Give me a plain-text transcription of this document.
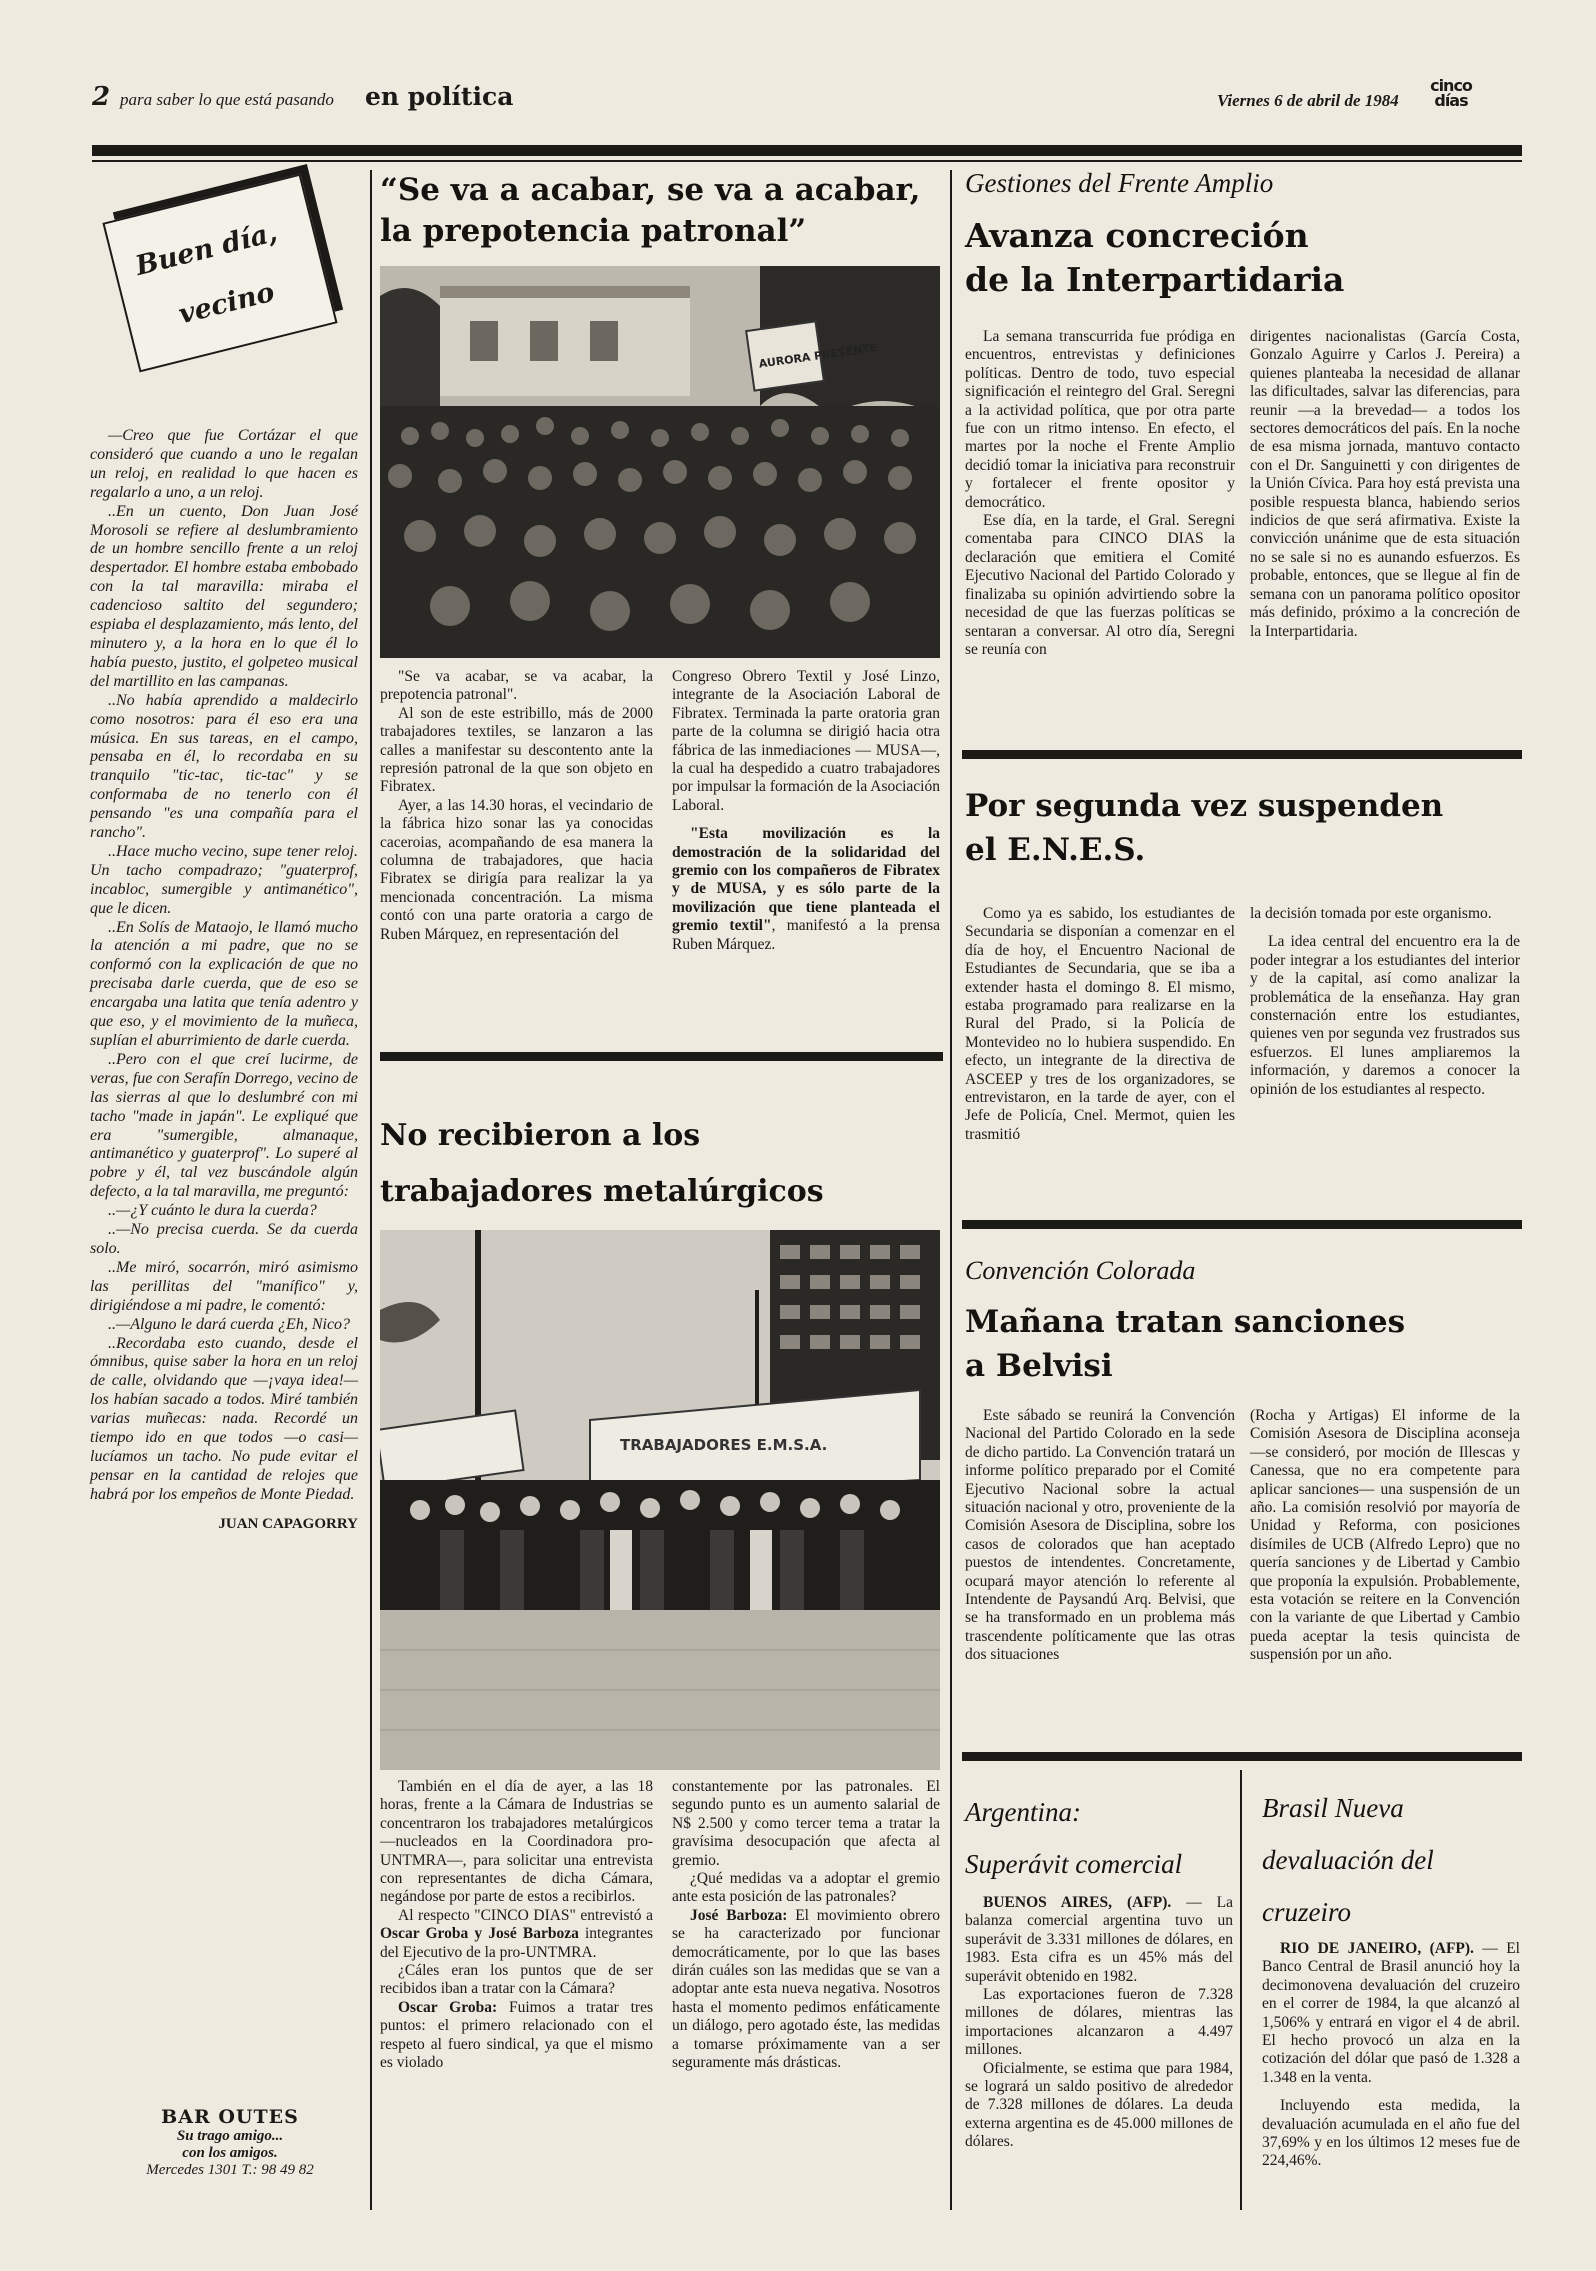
2 para saber lo que está pasando en política	Viernes 6 de abril de 1984
cinco días
Buen día,
vecino

—Creo que fue Cortázar el que consideró que cuando a uno le regalan un reloj, en realidad lo que hacen es regalarlo a uno, a un reloj.

..En un cuento, Don Juan José Morosoli se refiere al deslumbramiento de un hombre sencillo frente a un reloj despertador. El hombre estaba embobado con la tal maravilla: miraba el cadencioso saltito del segundero; espiaba el desplazamiento, más lento, del minutero y, a la hora en lo que él lo había puesto, justito, el golpeteo musical del martillito en las campanas.

..No había aprendido a maldecirlo como nosotros: para él eso era una música. En sus tareas, en el campo, pensaba en él, lo recordaba en su tranquilo "tic-tac, tic-tac" y se conformaba de no tenerlo con él pensando "es una compañía para el rancho".

..Hace mucho vecino, supe tener reloj. Un tacho compadrazo; "guaterprof, incabloc, sumergible y antimanético", que le dicen.

..En Solís de Mataojo, le llamó mucho la atención a mi padre, que no se conformó con la explicación de que no precisaba darle cuerda, que de eso se encargaba una latita que tenía adentro y que eso, y el movimiento de la muñeca, suplían el aburrimiento de darle cuerda.

..Pero con el que creí lucirme, de veras, fue con Serafín Dorrego, vecino de las sierras al que lo deslumbré con mi tacho "made in japán". Le expliqué que era "sumergible, almanaque, antimanético y guaterprof". Lo superé al pobre y él, tal vez buscándole algún defecto, a la tal maravilla, me preguntó:

..—¿Y cuánto le dura la cuerda?

..—No precisa cuerda. Se da cuerda solo.

..Me miró, socarrón, miró asimismo las perillitas del "manífico" y, dirigiéndose a mi padre, le comentó:

..—Alguno le dará cuerda ¿Eh, Nico?

..Recordaba esto cuando, desde el ómnibus, quise saber la hora en un reloj de calle, olvidando que —¡vaya idea!— los habían sacado a todos. Miré también varias muñecas: nada. Recordé un tiempo ido en que todos —o casi— lucíamos un tacho. No pude evitar el pensar en la cantidad de relojes que habrá por los empeños de Monte Piedad.

JUAN CAPAGORRY
BAR OUTES
Su trago amigo...
con los amigos.
Mercedes 1301 T.: 98 49 82
“Se va a acabar, se va a acabar,
la prepotencia patronal”
AURORA PRESENTE

"Se va acabar, se va acabar, la prepotencia patronal".

Al son de este estribillo, más de 2000 trabajadores textiles, se lanzaron a las calles a manifestar su descontento ante la represión patronal de la que son objeto en Fibratex.

Ayer, a las 14.30 horas, el vecindario de la fábrica hizo sonar las ya conocidas caceroias, acompañando de esa manera la columna de trabajadores, que hacia Fibratex se dirigía para realizar la ya mencionada concentración. La misma contó con una parte oratoria a cargo de Ruben Márquez, en representación del

Congreso Obrero Textil y José Linzo, integrante de la Asociación Laboral de Fibratex. Terminada la parte oratoria gran parte de la columna se dirigió hacia otra fábrica de las inmediaciones — MUSA—, la cual ha despedido a cuatro trabajadores por impulsar la formación de la Asociación Laboral.

"Esta movilización es la demostración de la solidaridad del gremio con los compañeros de Fibratex y de MUSA, y es sólo parte de la movilización que tiene planteada el gremio textil", manifestó a la prensa Ruben Márquez.

No recibieron a los
trabajadores metalúrgicos
TRABAJADORES E.M.S.A.

También en el día de ayer, a las 18 horas, frente a la Cámara de Industrias se concentraron los trabajadores metalúrgicos —nucleados en la Coordinadora pro-UNTMRA—, para solicitar una entrevista con representantes de dicha Cámara, negándose por parte de estos a recibirlos.

Al respecto "CINCO DIAS" entrevistó a Oscar Groba y José Barboza integrantes del Ejecutivo de la pro-UNTMRA.

¿Cáles eran los puntos que de ser recibidos iban a tratar con la Cámara?

Oscar Groba: Fuimos a tratar tres puntos: el primero relacionado con el respeto al fuero sindical, ya que el mismo es violado

constantemente por las patronales. El segundo punto es un aumento salarial de N$ 2.500 y como tercer tema a tratar la gravísima desocupación que afecta al gremio.

¿Qué medidas va a adoptar el gremio ante esta posición de las patronales?

José Barboza: El movimiento obrero se ha caracterizado por funcionar democráticamente, por lo que las bases dirán cuáles son las medidas que se van a adoptar ante esta nueva negativa. Nosotros hasta el momento pedimos enfáticamente un diálogo, pero agotado éste, las medidas a tomarse próximamente van a ser seguramente más drásticas.

Gestiones del Frente Amplio
Avanza concreción
de la Interpartidaria

La semana transcurrida fue pródiga en encuentros, entrevistas y definiciones políticas. Dentro de todo, tuvo especial significación el reintegro del Gral. Seregni a la actividad política, que por otra parte fue con un ritmo intenso. En efecto, el martes por la noche el Frente Amplio decidió tomar la iniciativa para reconstruir y fortalecer el frente opositor y democrático.

Ese día, en la tarde, el Gral. Seregni comentaba para CINCO DIAS la declaración que emitiera el Comité Ejecutivo Nacional del Partido Colorado y finalizaba su opinión advirtiendo sobre la necesidad de que las fuerzas políticas se sentaran a conversar. Al otro día, Seregni se reunía con

dirigentes nacionalistas (García Costa, Gonzalo Aguirre y Carlos J. Pereira) a quienes planteaba la necesidad de allanar las dificultades, salvar las diferencias, para reunir —a la brevedad— a todos los sectores democráticos del país. En la noche de esa misma jornada, mantuvo contacto con el Dr. Sanguinetti y con dirigentes de la Unión Cívica. Para hoy está prevista una posible respuesta blanca, habiendo serios indicios de que será afirmativa. Existe la convicción unánime que de esta situación no se sale si no es aunando esfuerzos. Es probable, entonces, que se llegue al fin de semana con un panorama político opositor más definido, próximo a la concreción de la Interpartidaria.

Por segunda vez suspenden
el E.N.E.S.

Como ya es sabido, los estudiantes de Secundaria se disponían a comenzar en el día de hoy, el Encuentro Nacional de Estudiantes de Secundaria, que se iba a extender hasta el domingo 8. El mismo, estaba programado para realizarse en la Rural del Prado, si la Policía de Montevideo no lo hubiera suspendido. En efecto, un integrante de la directiva de ASCEEP y tres de los organizadores, se entrevistaron, en la tarde de ayer, con el Jefe de Policía, Cnel. Mermot, quien les trasmitió

la decisión tomada por este organismo.

La idea central del encuentro era la de poder integrar a los estudiantes del interior y de la capital, así como analizar la problemática de la enseñanza. Hay gran consternación entre los estudiantes, quienes ven por segunda vez frustrados sus esfuerzos. El lunes ampliaremos la información, y daremos a conocer la opinión de los estudiantes al respecto.

Convención Colorada
Mañana tratan sanciones
a Belvisi

Este sábado se reunirá la Convención Nacional del Partido Colorado en la sede de dicho partido. La Convención tratará un informe político preparado por el Comité Ejecutivo Nacional sobre la actual situación nacional y otro, proveniente de la Comisión Asesora de Disciplina, sobre los casos de colorados que han aceptado puestos de intendentes. Concretamente, ocupará mayor atención lo referente al Intendente de Paysandú Arq. Belvisi, que se ha transformado en un problema más trascendente políticamente que las otras dos situaciones

(Rocha y Artigas) El informe de la Comisión Asesora de Disciplina aconseja —se consideró, por moción de Illescas y Canessa, que no era competente para aplicar sanciones— una suspensión de un año. La comisión resolvió por mayoría de Unidad y Reforma, con posiciones disímiles de UCB (Alfredo Lepro) que no quería sanciones y de Libertad y Cambio que proponía la expulsión. Probablemente, esta votación se reitere en la Convención con la variante de que Libertad y Cambio pueda aceptar la tesis quincista de suspensión por un año.

Argentina:
Superávit comercial

BUENOS AIRES, (AFP). — La balanza comercial argentina tuvo un superávit de 3.331 millones de dólares, en 1983. Esta cifra es un 45% más del superávit obtenido en 1982.

Las exportaciones fueron de 7.328 millones de dólares, mientras las importaciones alcanzaron a 4.497 millones.

Oficialmente, se estima que para 1984, se logrará un saldo positivo de alrededor de 7.328 millones de dólares. La deuda externa argentina es de 45.000 millones de dólares.

Brasil Nueva
devaluación del
cruzeiro

RIO DE JANEIRO, (AFP). — El Banco Central de Brasil anunció hoy la decimonovena devaluación del cruzeiro en el correr de 1984, la que alcanzó al 1,506% y entrará en vigor el 4 de abril. El hecho provocó un alza en la cotización del dólar que pasó de 1.328 a 1.348 en la venta.

Incluyendo esta medida, la devaluación acumulada en el año fue del 37,69% y en los últimos 12 meses fue de 224,46%.
